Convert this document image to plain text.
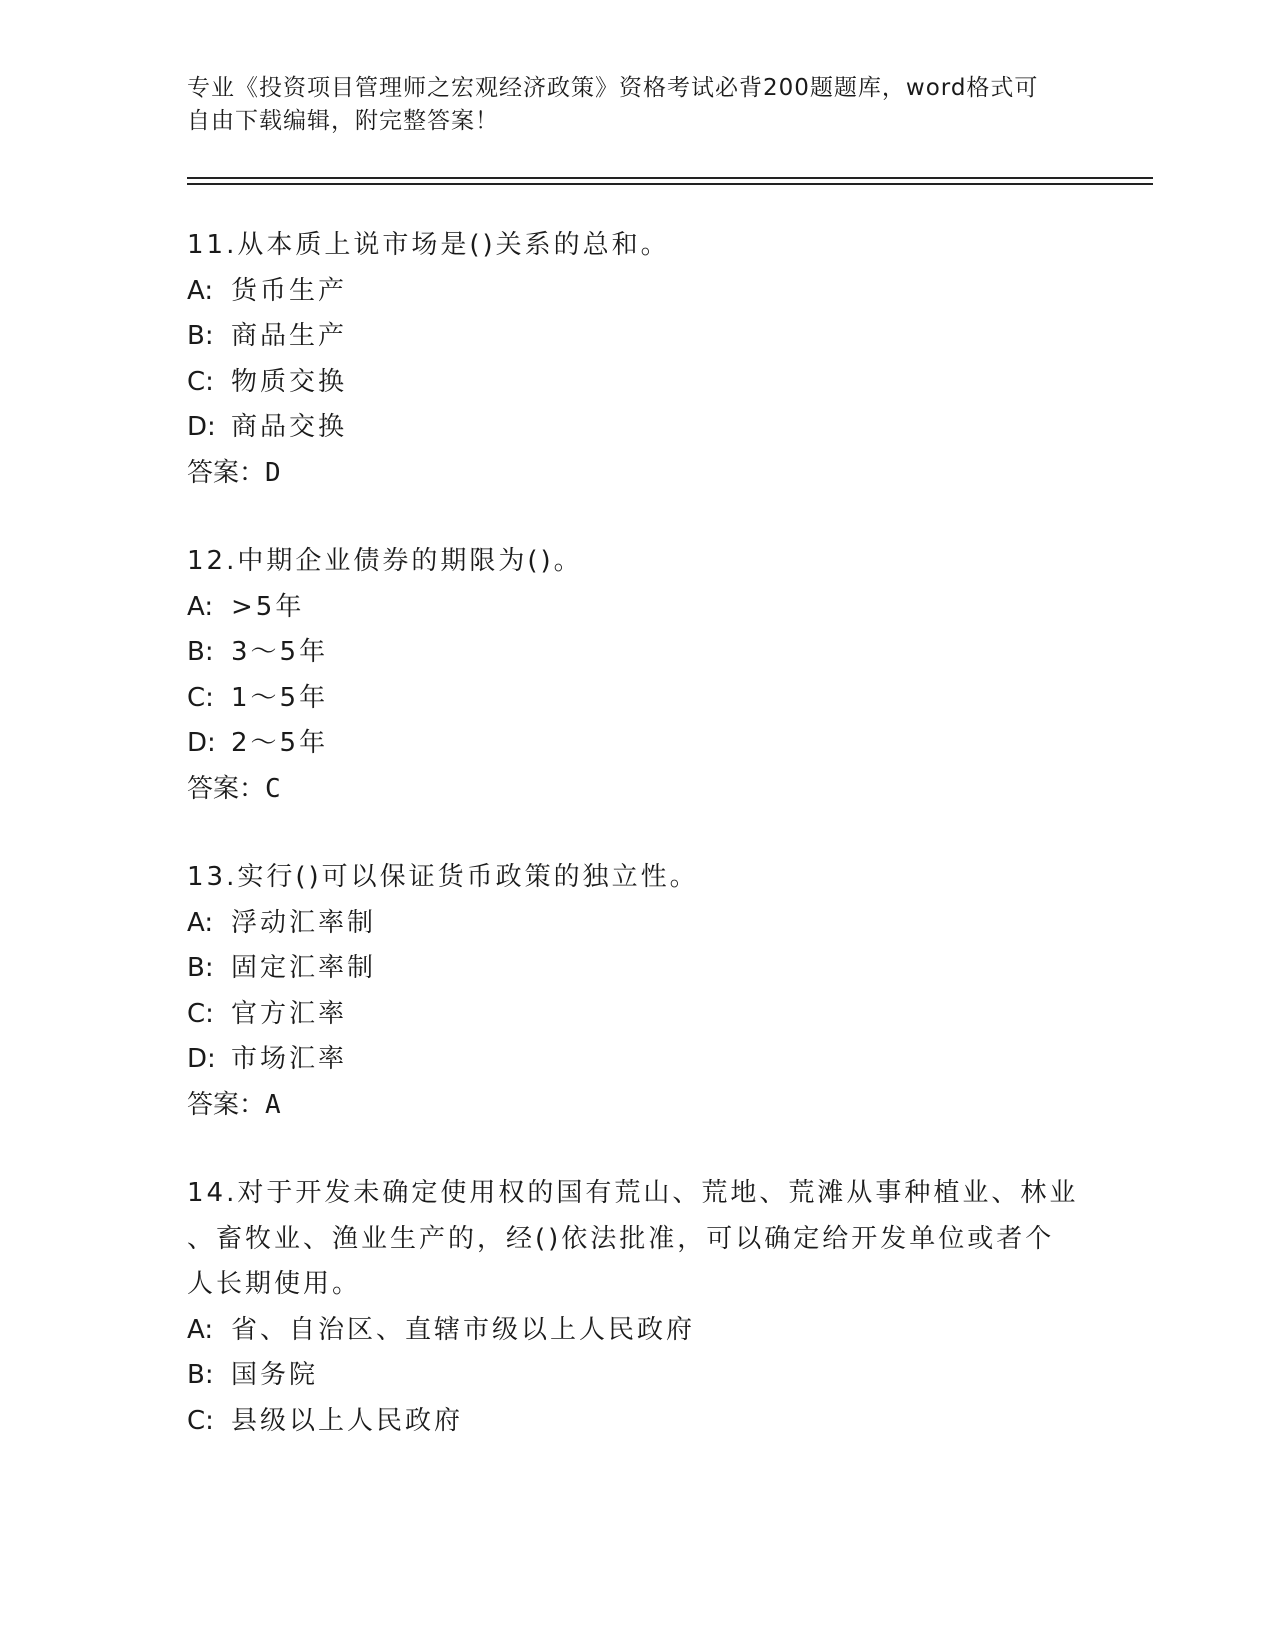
专业《投资项目管理师之宏观经济政策》资格考试必背200题题库，word格式可
自由下载编辑，附完整答案！

11.从本质上说市场是()关系的总和。

A: 货币生产

B: 商品生产

C: 物质交换

D: 商品交换

答案：D

12.中期企业债券的期限为()。

A: >5年

B: 3～5年

C: 1～5年

D: 2～5年

答案：C

13.实行()可以保证货币政策的独立性。

A: 浮动汇率制

B: 固定汇率制

C: 官方汇率

D: 市场汇率

答案：A

14.对于开发未确定使用权的国有荒山、荒地、荒滩从事种植业、林业

、畜牧业、渔业生产的，经()依法批准，可以确定给开发单位或者个

人长期使用。

A: 省、自治区、直辖市级以上人民政府

B: 国务院

C: 县级以上人民政府
